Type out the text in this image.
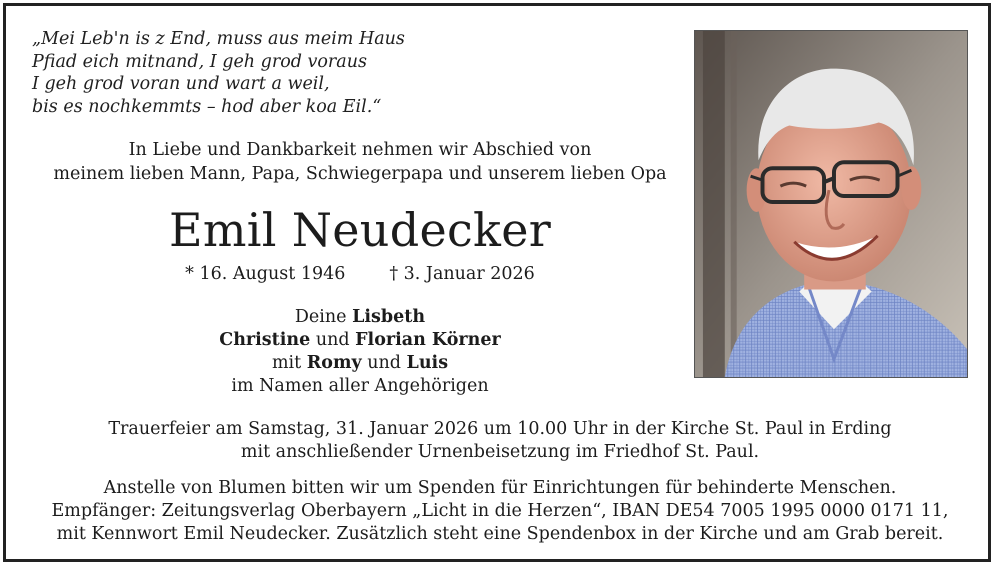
„Mei Leb'n is z End, muss aus meim Haus
Pfiad eich mitnand, I geh grod voraus
I geh grod voran und wart a weil,
bis es nochkemmts – hod aber koa Eil.“
In Liebe und Dankbarkeit nehmen wir Abschied von
meinem lieben Mann, Papa, Schwiegerpapa und unserem lieben Opa
Emil Neudecker
* 16. August 1946	† 3. Januar 2026
Deine Lisbeth
Christine und Florian Körner
mit Romy und Luis
im Namen aller Angehörigen
Trauerfeier am Samstag, 31. Januar 2026 um 10.00 Uhr in der Kirche St. Paul in Erding
mit anschließender Urnenbeisetzung im Friedhof St. Paul.
Anstelle von Blumen bitten wir um Spenden für Einrichtungen für behinderte Menschen.
Empfänger: Zeitungsverlag Oberbayern „Licht in die Herzen“, IBAN DE54 7005 1995 0000 0171 11,
mit Kennwort Emil Neudecker. Zusätzlich steht eine Spendenbox in der Kirche und am Grab bereit.
